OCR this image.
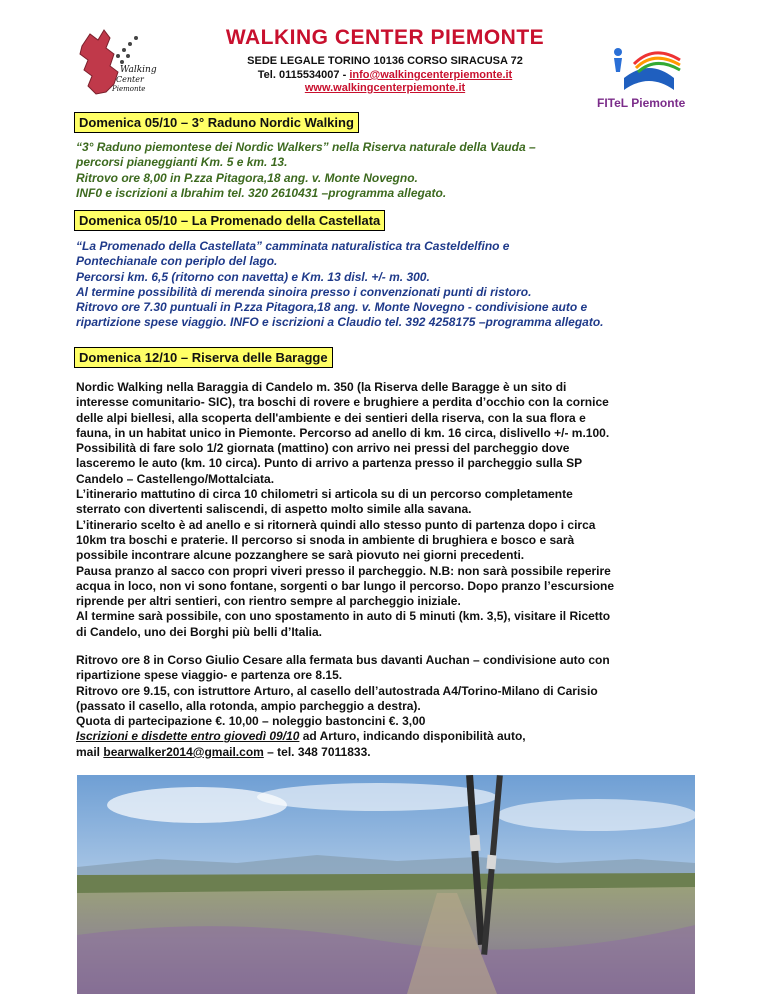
Walking
Center
Piemonte
WALKING CENTER PIEMONTE
SEDE LEGALE TORINO 10136 CORSO SIRACUSA 72
Tel. 0115534007 - info@walkingcenterpiemonte.it
www.walkingcenterpiemonte.it
FITeL Piemonte
Domenica 05/10 – 3° Raduno Nordic Walking
“3° Raduno piemontese dei Nordic Walkers” nella Riserva naturale della Vauda –
percorsi pianeggianti Km. 5 e km. 13.
Ritrovo ore 8,00 in P.zza Pitagora,18 ang. v. Monte Novegno.
INF0 e iscrizioni a Ibrahim tel. 320 2610431 –programma allegato.
Domenica 05/10 – La Promenado della Castellata
“La Promenado della Castellata” camminata naturalistica tra Casteldelfino e
Pontechianale con periplo del lago.
Percorsi km. 6,5 (ritorno con navetta) e Km. 13 disl. +/- m. 300.
Al termine possibilità di merenda sinoira presso i convenzionati punti di ristoro.
Ritrovo ore 7.30 puntuali in P.zza Pitagora,18 ang. v. Monte Novegno - condivisione auto e
ripartizione spese viaggio. INFO e iscrizioni a Claudio tel. 392 4258175 –programma allegato.
Domenica 12/10 – Riserva delle Baragge
Nordic Walking nella Baraggia di Candelo m. 350 (la Riserva delle Baragge è un sito di
interesse comunitario- SIC), tra boschi di rovere e brughiere a perdita d’occhio con la cornice
delle alpi biellesi, alla scoperta dell'ambiente e dei sentieri della riserva, con la sua flora e
fauna, in un habitat unico in Piemonte. Percorso ad anello di km. 16 circa, dislivello +/- m.100.
Possibilità di fare solo 1/2 giornata (mattino) con arrivo nei pressi del parcheggio dove
lasceremo le auto (km. 10 circa). Punto di arrivo a partenza presso il parcheggio sulla SP
Candelo – Castellengo/Mottalciata.
L’itinerario mattutino di circa 10 chilometri si articola su di un percorso completamente
sterrato con divertenti saliscendi, di aspetto molto simile alla savana.
L’itinerario scelto è ad anello e si ritornerà quindi allo stesso punto di partenza dopo i circa
10km tra boschi e praterie. Il percorso si snoda in ambiente di brughiera e bosco e sarà
possibile incontrare alcune pozzanghere se sarà piovuto nei giorni precedenti.
Pausa pranzo al sacco con propri viveri presso il parcheggio. N.B: non sarà possibile reperire
acqua in loco, non vi sono fontane, sorgenti o bar lungo il percorso. Dopo pranzo l’escursione
riprende per altri sentieri, con rientro sempre al parcheggio iniziale.
Al termine sarà possibile, con uno spostamento in auto di 5 minuti (km. 3,5), visitare il Ricetto
di Candelo, uno dei Borghi più belli d’Italia.
Ritrovo ore 8 in Corso Giulio Cesare alla fermata bus davanti Auchan – condivisione auto con
ripartizione spese viaggio- e partenza ore 8.15.
Ritrovo ore 9.15, con istruttore Arturo, al casello dell’autostrada A4/Torino-Milano di Carisio
(passato il casello, alla rotonda, ampio parcheggio a destra).
Quota di partecipazione €. 10,00 – noleggio bastoncini €. 3,00
Iscrizioni e disdette entro giovedì 09/10 ad Arturo, indicando disponibilità auto,
mail bearwalker2014@gmail.com – tel. 348 7011833.
